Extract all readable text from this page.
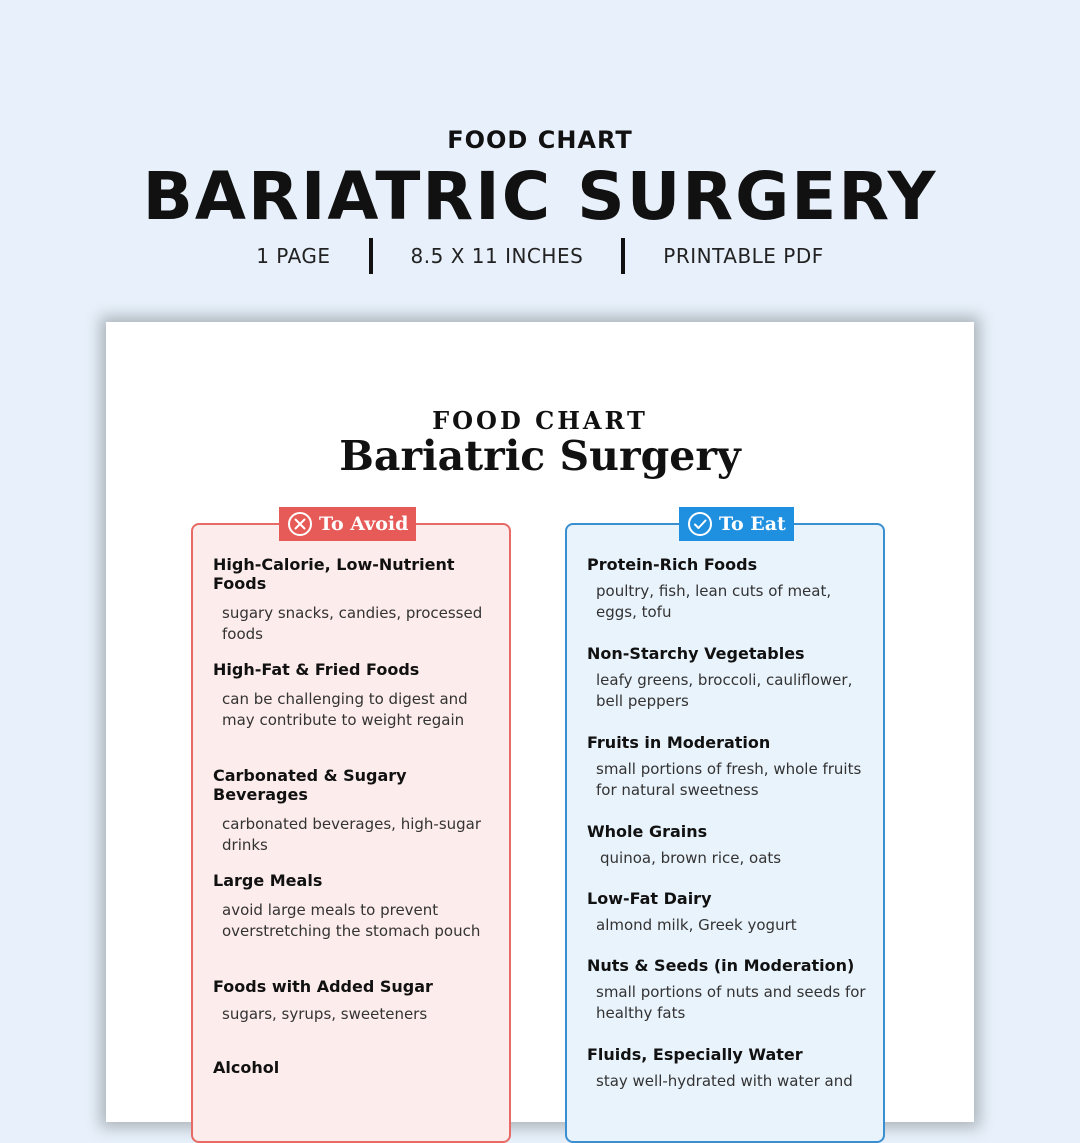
FOOD CHART
BARIATRIC SURGERY
1 PAGE	8.5 X 11 INCHES	PRINTABLE PDF
FOOD CHART
Bariatric Surgery
To Avoid
High-Calorie, Low-Nutrient Foods
sugary snacks, candies, processed foods
High-Fat & Fried Foods
can be challenging to digest and may contribute to weight regain
Carbonated & Sugary Beverages
carbonated beverages, high-sugar drinks
Large Meals
avoid large meals to prevent overstretching the stomach pouch
Foods with Added Sugar
sugars, syrups, sweeteners
Alcohol
To Eat
Protein-Rich Foods
poultry, fish, lean cuts of meat, eggs, tofu
Non-Starchy Vegetables
leafy greens, broccoli, cauliflower, bell peppers
Fruits in Moderation
small portions of fresh, whole fruits for natural sweetness
Whole Grains
quinoa, brown rice, oats
Low-Fat Dairy
almond milk, Greek yogurt
Nuts & Seeds (in Moderation)
small portions of nuts and seeds for healthy fats
Fluids, Especially Water
stay well-hydrated with water and
